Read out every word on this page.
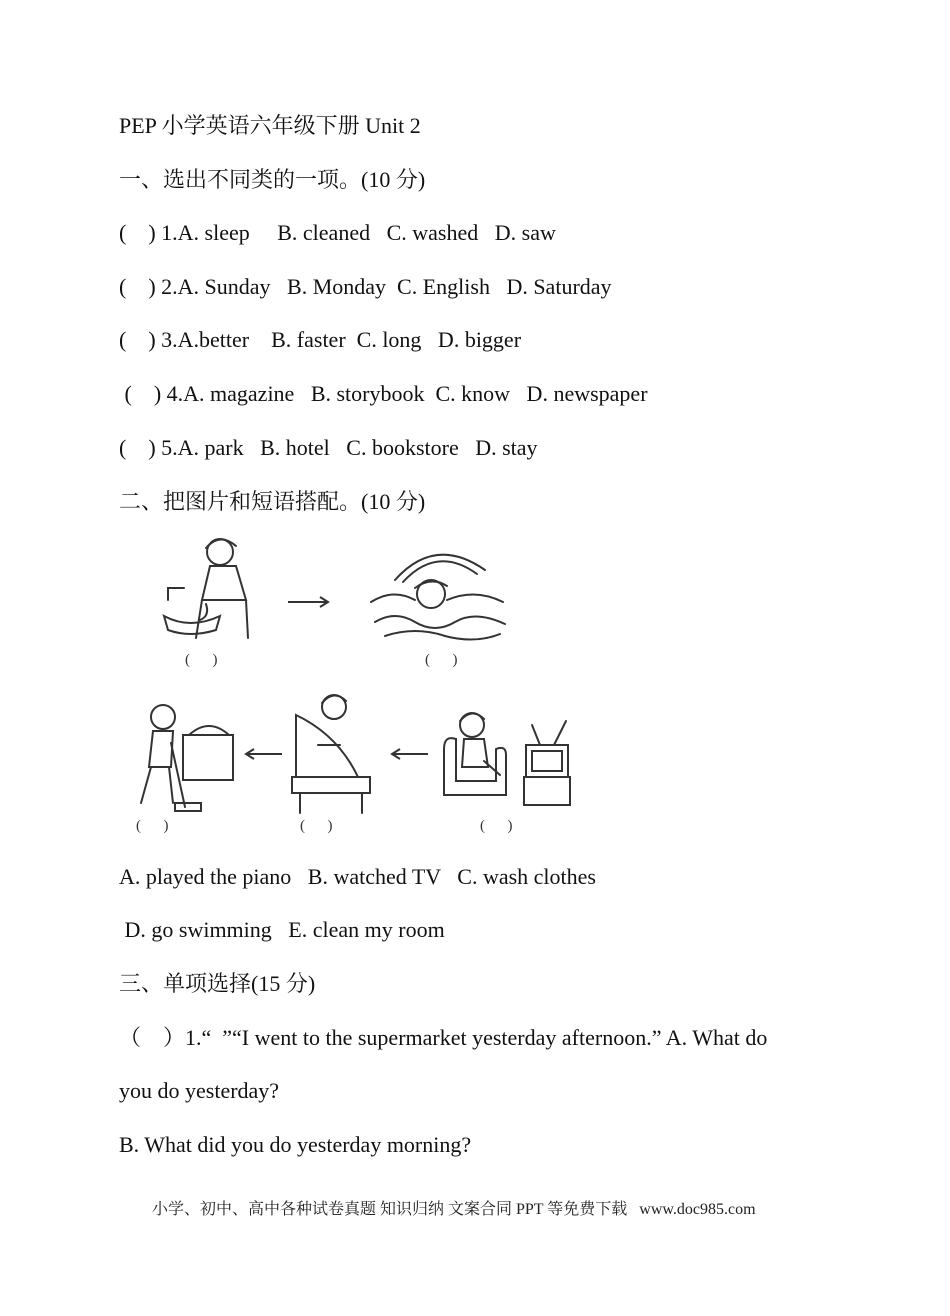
PEP 小学英语六年级下册 Unit 2
一、选出不同类的一项。(10 分)
(    ) 1.A. sleep     B. cleaned   C. washed   D. saw
(    ) 2.A. Sunday   B. Monday  C. English   D. Saturday
(    ) 3.A.better    B. faster  C. long   D. bigger
(    ) 4.A. magazine   B. storybook  C. know   D. newspaper
(    ) 5.A. park   B. hotel   C. bookstore   D. stay
二、把图片和短语搭配。(10 分)
(      )	(      )
(      )	(      )	(      )
A. played the piano   B. watched TV   C. wash clothes
D. go swimming   E. clean my room
三、单项选择(15 分)
（    ）1.“  ”“I went to the supermarket yesterday afternoon.” A. What do
you do yesterday?
B. What did you do yesterday morning?
小学、初中、高中各种试卷真题 知识归纳 文案合同 PPT 等免费下载   www.doc985.com
